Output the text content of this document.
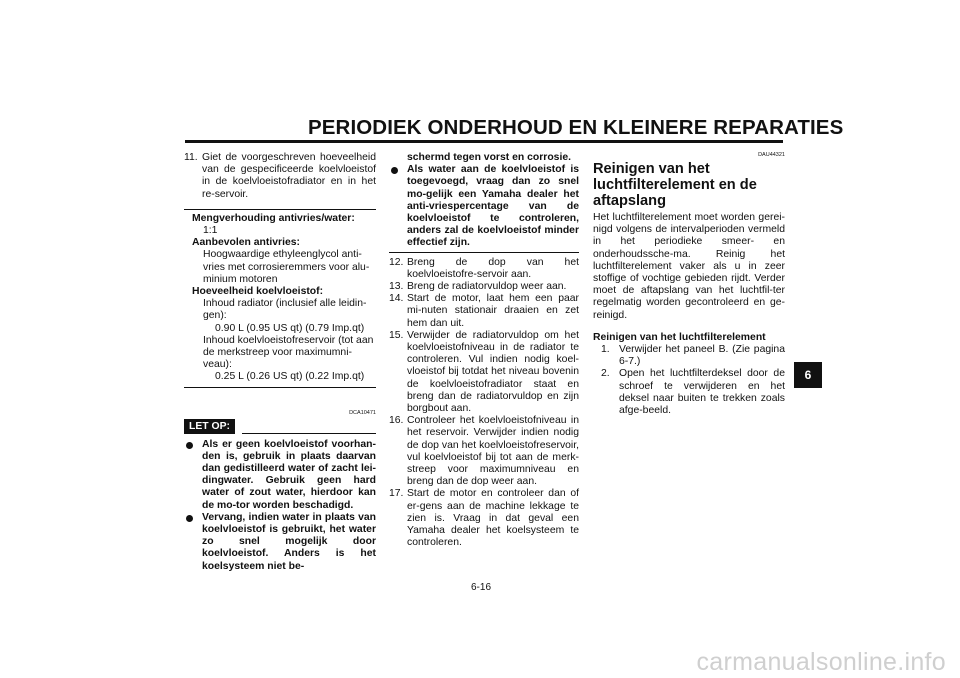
PERIODIEK ONDERHOUD EN KLEINERE REPARATIES

11. Giet de voorgeschreven hoeveelheid van de gespecificeerde koelvloeistof in de koelvloeistofradiator en in het re-servoir.

Mengverhouding antivries/water:
1:1
Aanbevolen antivries:
Hoogwaardige ethyleenglycol anti-vries met corrosieremmers voor alu-minium motoren
Hoeveelheid koelvloeistof:
Inhoud radiator (inclusief alle leidin-gen):
0.90 L (0.95 US qt) (0.79 Imp.qt)
Inhoud koelvloeistofreservoir (tot aan de merkstreep voor maximumni-veau):
0.25 L (0.26 US qt) (0.22 Imp.qt)
DCA10471
LET OP:
Als er geen koelvloeistof voorhan-den is, gebruik in plaats daarvan dan gedistilleerd water of zacht lei-dingwater. Gebruik geen hard water of zout water, hierdoor kan de mo-tor worden beschadigd.
Vervang, indien water in plaats van koelvloeistof is gebruikt, het water zo snel mogelijk door koelvloeistof. Anders is het koelsysteem niet be-
schermd tegen vorst en corrosie.
Als water aan de koelvloeistof is toegevoegd, vraag dan zo snel mo-gelijk een Yamaha dealer het anti-vriespercentage van de koelvloeistof te controleren, anders zal de koelvloeistof minder effectief zijn.

12. Breng de dop van het koelvloeistofre-servoir aan.

13. Breng de radiatorvuldop weer aan.

14. Start de motor, laat hem een paar mi-nuten stationair draaien en zet hem dan uit.

15. Verwijder de radiatorvuldop om het koelvloeistofniveau in de radiator te controleren. Vul indien nodig koel-vloeistof bij totdat het niveau bovenin de koelvloeistofradiator staat en breng dan de radiatorvuldop en zijn borgbout aan.

16. Controleer het koelvloeistofniveau in het reservoir. Verwijder indien nodig de dop van het koelvloeistofreservoir, vul koelvloeistof bij tot aan de merk-streep voor maximumniveau en breng dan de dop weer aan.

17. Start de motor en controleer dan of er-gens aan de machine lekkage te zien is. Vraag in dat geval een Yamaha dealer het koelsysteem te controleren.

DAU44321
Reinigen van het luchtfilterelement en de aftapslang
Het luchtfilterelement moet worden gerei-nigd volgens de intervalperioden vermeld in het periodieke smeer- en onderhoudssche-ma. Reinig het luchtfilterelement vaker als u in zeer stoffige of vochtige gebieden rijdt. Verder moet de aftapslang van het luchtfil-ter regelmatig worden gecontroleerd en ge-reinigd.
Reinigen van het luchtfilterelement

1. Verwijder het paneel B. (Zie pagina 6-7.)

2. Open het luchtfilterdeksel door de schroef te verwijderen en het deksel naar buiten te trekken zoals afge-beeld.

6-16
6
carmanualsonline.info
